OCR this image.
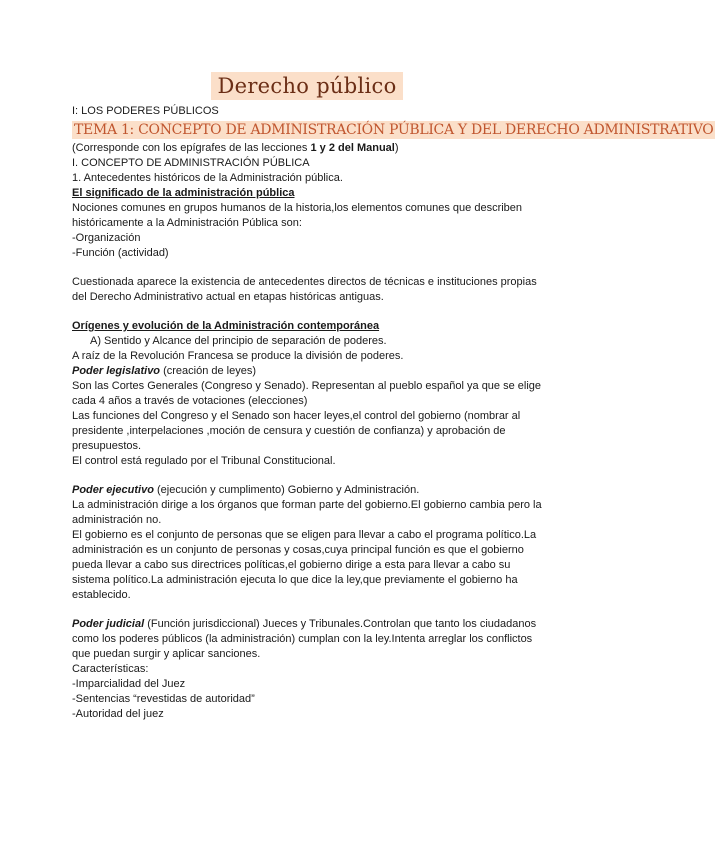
Derecho público

I: LOS PODERES PÚBLICOS

TEMA 1: CONCEPTO DE ADMINISTRACIÓN PÚBLICA Y DEL DERECHO ADMINISTRATIVO

(Corresponde con los epígrafes de las lecciones 1 y 2 del Manual)

I. CONCEPTO DE ADMINISTRACIÓN PÚBLICA

1. Antecedentes históricos de la Administración pública.

El significado de la administración pública

Nociones comunes en grupos humanos de la historia,los elementos comunes que describen históricamente a la Administración Pública son:

-Organización

-Función (actividad)

Cuestionada aparece la existencia de antecedentes directos de técnicas e instituciones propias del Derecho Administrativo actual en etapas históricas antiguas.

Orígenes y evolución de la Administración contemporánea

A) Sentido y Alcance del principio de separación de poderes.

A raíz de la Revolución Francesa se produce la división de poderes.

Poder legislativo (creación de leyes)

Son las Cortes Generales (Congreso y Senado). Representan al pueblo español ya que se elige cada 4 años a través de votaciones (elecciones)

Las funciones del Congreso y el Senado son hacer leyes,el control del gobierno (nombrar al presidente ,interpelaciones ,moción de censura y cuestión de confianza) y aprobación de presupuestos.

El control está regulado por el Tribunal Constitucional.

Poder ejecutivo (ejecución y cumplimento) Gobierno y Administración.

La administración dirige a los órganos que forman parte del gobierno.El gobierno cambia pero la administración no.

El gobierno es el conjunto de personas que se eligen para llevar a cabo el programa político.La administración es un conjunto de personas y cosas,cuya principal función es que el gobierno pueda llevar a cabo sus directrices políticas,el gobierno dirige a esta para llevar a cabo su sistema político.La administración ejecuta lo que dice la ley,que previamente el gobierno ha establecido.

Poder judicial (Función jurisdiccional) Jueces y Tribunales.Controlan que tanto los ciudadanos como los poderes públicos (la administración) cumplan con la ley.Intenta arreglar los conflictos que puedan surgir y aplicar sanciones.

Características:

-Imparcialidad del Juez

-Sentencias “revestidas de autoridad”

-Autoridad del juez
